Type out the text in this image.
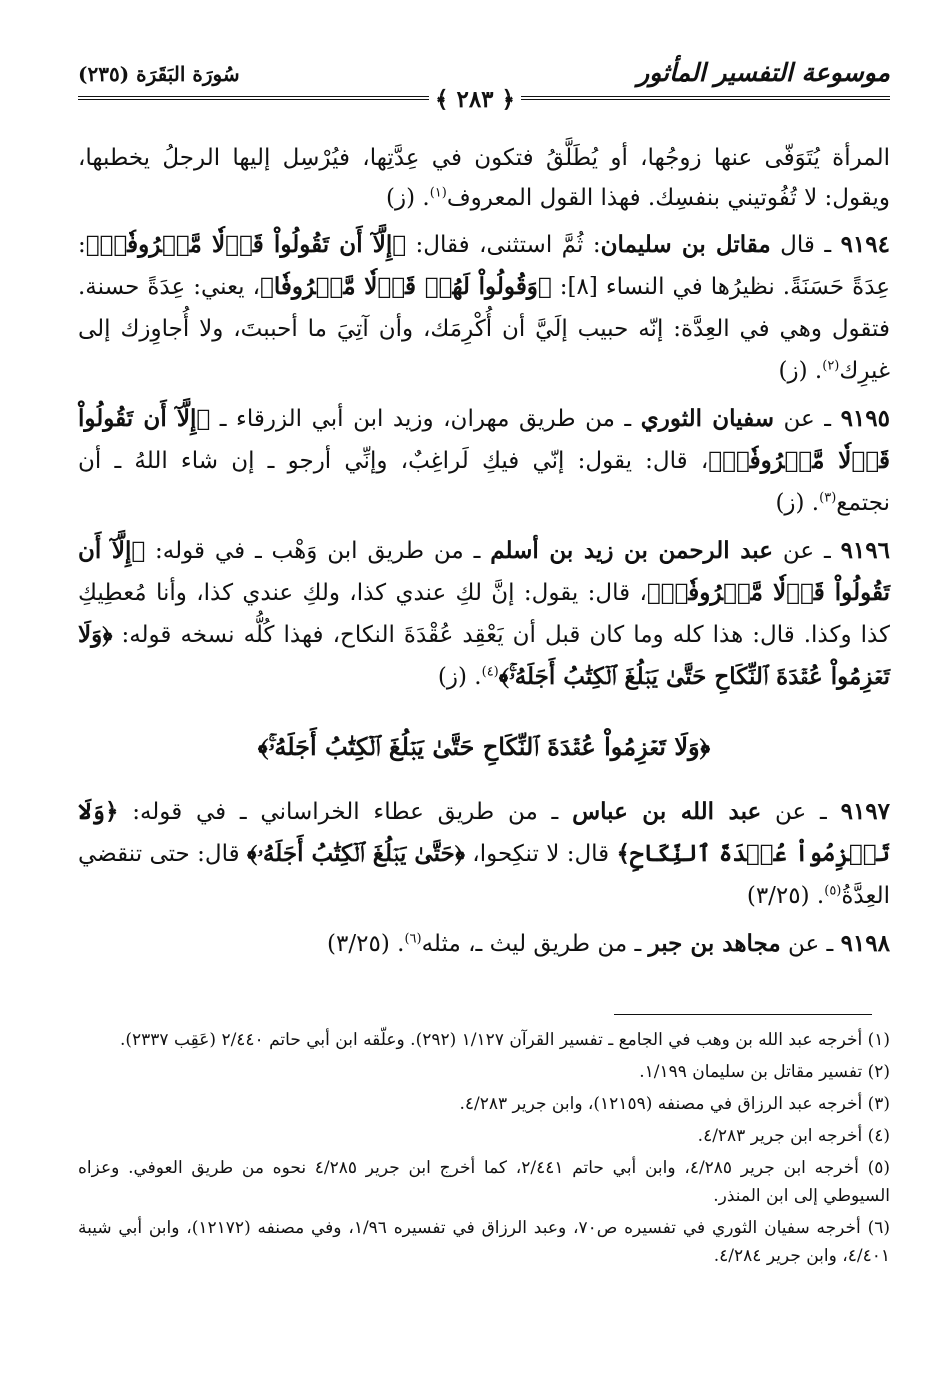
موسوعة التفسير المأثور
سُورَة البَقَرَة (٢٣٥)
﴿ ٢٨٣ ﴾

المرأة يُتَوَفّى عنها زوجُها، أو يُطَلَّقُ فتكون في عِدَّتِها، فيُرْسِل إليها الرجلُ يخطبها، ويقول: لا تُفُوتيني بنفسِك. فهذا القول المعروف$^{(١)}$. (ز)

٩١٩٤ ـ قال مقاتل بن سليمان: ثُمَّ استثنى، فقال: ﴿إِلَّآ أَن تَقُولُواْ قَوۡلٗا مَّعۡرُوفٗاۚ﴾: عِدَةً حَسَنَةً. نظيرُها في النساء [٨]: ﴿وَقُولُواْ لَهُمۡ قَوۡلٗا مَّعۡرُوفٗا﴾، يعني: عِدَةً حسنة. فتقول وهي في العِدَّة: إنّه حبيب إلَيَّ أن أُكْرِمَك، وأن آتِيَ ما أحببتَ، ولا أُجاوِزك إلى غيرِك$^{(٢)}$. (ز)

٩١٩٥ ـ عن سفيان الثوري ـ من طريق مهران، وزيد ابن أبي الزرقاء ـ ﴿إِلَّآ أَن تَقُولُواْ قَوۡلٗا مَّعۡرُوفٗاۚ﴾، قال: يقول: إنّي فيكِ لَراغِبٌ، وإنِّي أرجو ـ إن شاء اللهُ ـ أن نجتمع$^{(٣)}$. (ز)

٩١٩٦ ـ عن عبد الرحمن بن زيد بن أسلم ـ من طريق ابن وَهْب ـ في قوله: ﴿إِلَّآ أَن تَقُولُواْ قَوۡلٗا مَّعۡرُوفٗاۚ﴾، قال: يقول: إنَّ لكِ عندي كذا، ولكِ عندي كذا، وأنا مُعطِيكِ كذا وكذا. قال: هذا كله وما كان قبل أن يَعْقِد عُقْدَةَ النكاح، فهذا كُلُّه نسخه قوله: ﴿وَلَا تَعۡزِمُواْ عُقۡدَةَ ٱلنِّكَاحِ حَتَّىٰ يَبۡلُغَ ٱلۡكِتَٰبُ أَجَلَهُۥۚ﴾$^{(٤)}$. (ز)

﴿وَلَا تَعۡزِمُواْ عُقۡدَةَ ٱلنِّكَاحِ حَتَّىٰ يَبۡلُغَ ٱلۡكِتَٰبُ أَجَلَهُۥۚ﴾

٩١٩٧ ـ عن عبد الله بن عباس ـ من طريق عطاء الخراساني ـ في قوله: ﴿وَلَا تَعۡزِمُواْ عُقۡدَةَ ٱلنِّكَاحِ﴾ قال: لا تنكِحوا، ﴿حَتَّىٰ يَبۡلُغَ ٱلۡكِتَٰبُ أَجَلَهُۥ﴾ قال: حتى تنقضي العِدَّةُ$^{(٥)}$. (٣/٢٥)

٩١٩٨ ـ عن مجاهد بن جبر ـ من طريق ليث ـ، مثله$^{(٦)}$. (٣/٢٥)

(١) أخرجه عبد الله بن وهب في الجامع ـ تفسير القرآن ١/١٢٧ (٢٩٢). وعلّقه ابن أبي حاتم ٢/٤٤٠ (عَقِب ٢٣٣٧).

(٢) تفسير مقاتل بن سليمان ١/١٩٩.

(٣) أخرجه عبد الرزاق في مصنفه (١٢١٥٩)، وابن جرير ٤/٢٨٣.

(٤) أخرجه ابن جرير ٤/٢٨٣.

(٥) أخرجه ابن جرير ٤/٢٨٥، وابن أبي حاتم ٢/٤٤١، كما أخرج ابن جرير ٤/٢٨٥ نحوه من طريق العوفي. وعزاه السيوطي إلى ابن المنذر.

(٦) أخرجه سفيان الثوري في تفسيره ص٧٠، وعبد الرزاق في تفسيره ١/٩٦، وفي مصنفه (١٢١٧٢)، وابن أبي شيبة ٤/٤٠١، وابن جرير ٤/٢٨٤.
